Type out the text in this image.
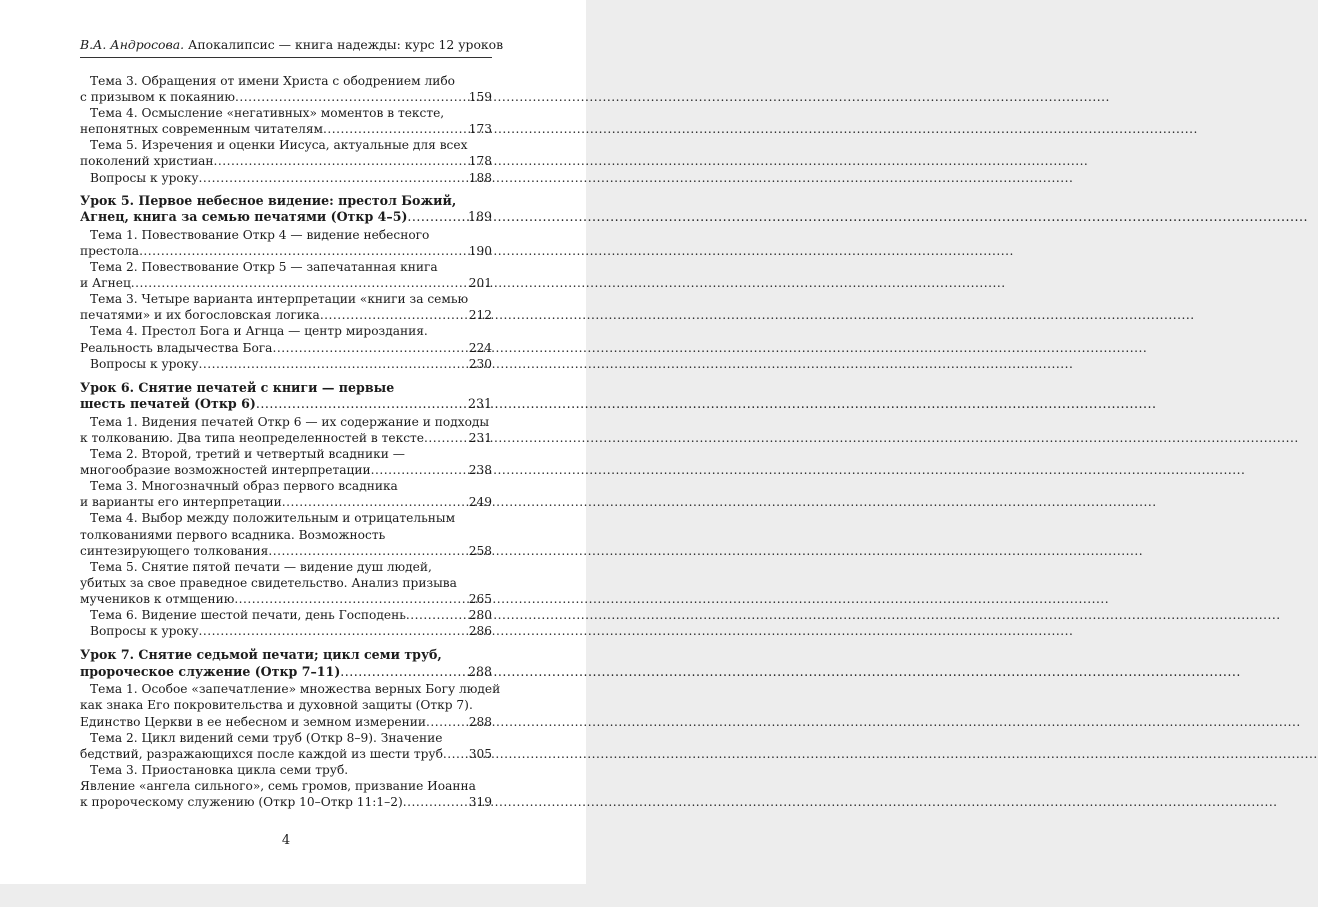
В.А. Андросова. Апокалипсис — книга надежды: курс 12 уроков
Тема 3. Обращения от имени Христа с ободрением либо
с призывом к покаянию .....	159
Тема 4. Осмысление «негативных» моментов в тексте,
непонятных современным читателям .....	173
Тема 5. Изречения и оценки Иисуса, актуальные для всех
поколений христиан .....	178
Вопросы к уроку .....	188
Урок 5. Первое небесное видение: престол Божий,
Агнец, книга за семью печатями (Откр 4–5) .....	189
Тема 1. Повествование Откр 4 — видение небесного
престола .....	190
Тема 2. Повествование Откр 5 — запечатанная книга
и Агнец .....	201
Тема 3. Четыре варианта интерпретации «книги за семью
печатями» и их богословская логика .....	212
Тема 4. Престол Бога и Агнца — центр мироздания.
Реальность владычества Бога .....	224
Вопросы к уроку .....	230
Урок 6. Снятие печатей с книги — первые
шесть печатей (Откр 6) .....	231
Тема 1. Видения печатей Откр 6 — их содержание и подходы
к толкованию. Два типа неопределенностей в тексте .....	231
Тема 2. Второй, третий и четвертый всадники —
многообразие возможностей интерпретации .....	238
Тема 3. Многозначный образ первого всадника
и варианты его интерпретации .....	249
Тема 4. Выбор между положительным и отрицательным
толкованиями первого всадника. Возможность
синтезирующего толкования .....	258
Тема 5. Снятие пятой печати — видение душ людей,
убитых за свое праведное свидетельство. Анализ призыва
мучеников к отмщению .....	265
Тема 6. Видение шестой печати, день Господень .....	280
Вопросы к уроку .....	286
Урок 7. Снятие седьмой печати; цикл семи труб,
пророческое служение (Откр 7–11) .....	288
Тема 1. Особое «запечатление» множества верных Богу людей
как знака Его покровительства и духовной защиты (Откр 7).
Единство Церкви в ее небесном и земном измерении .....	288
Тема 2. Цикл видений семи труб (Откр 8–9). Значение
бедствий, разражающихся после каждой из шести труб ..... 305
Тема 3. Приостановка цикла семи труб.
Явление «ангела сильного», семь громов, призвание Иоанна
к пророческому служению (Откр 10–Откр 11:1–2) .....	319
4
